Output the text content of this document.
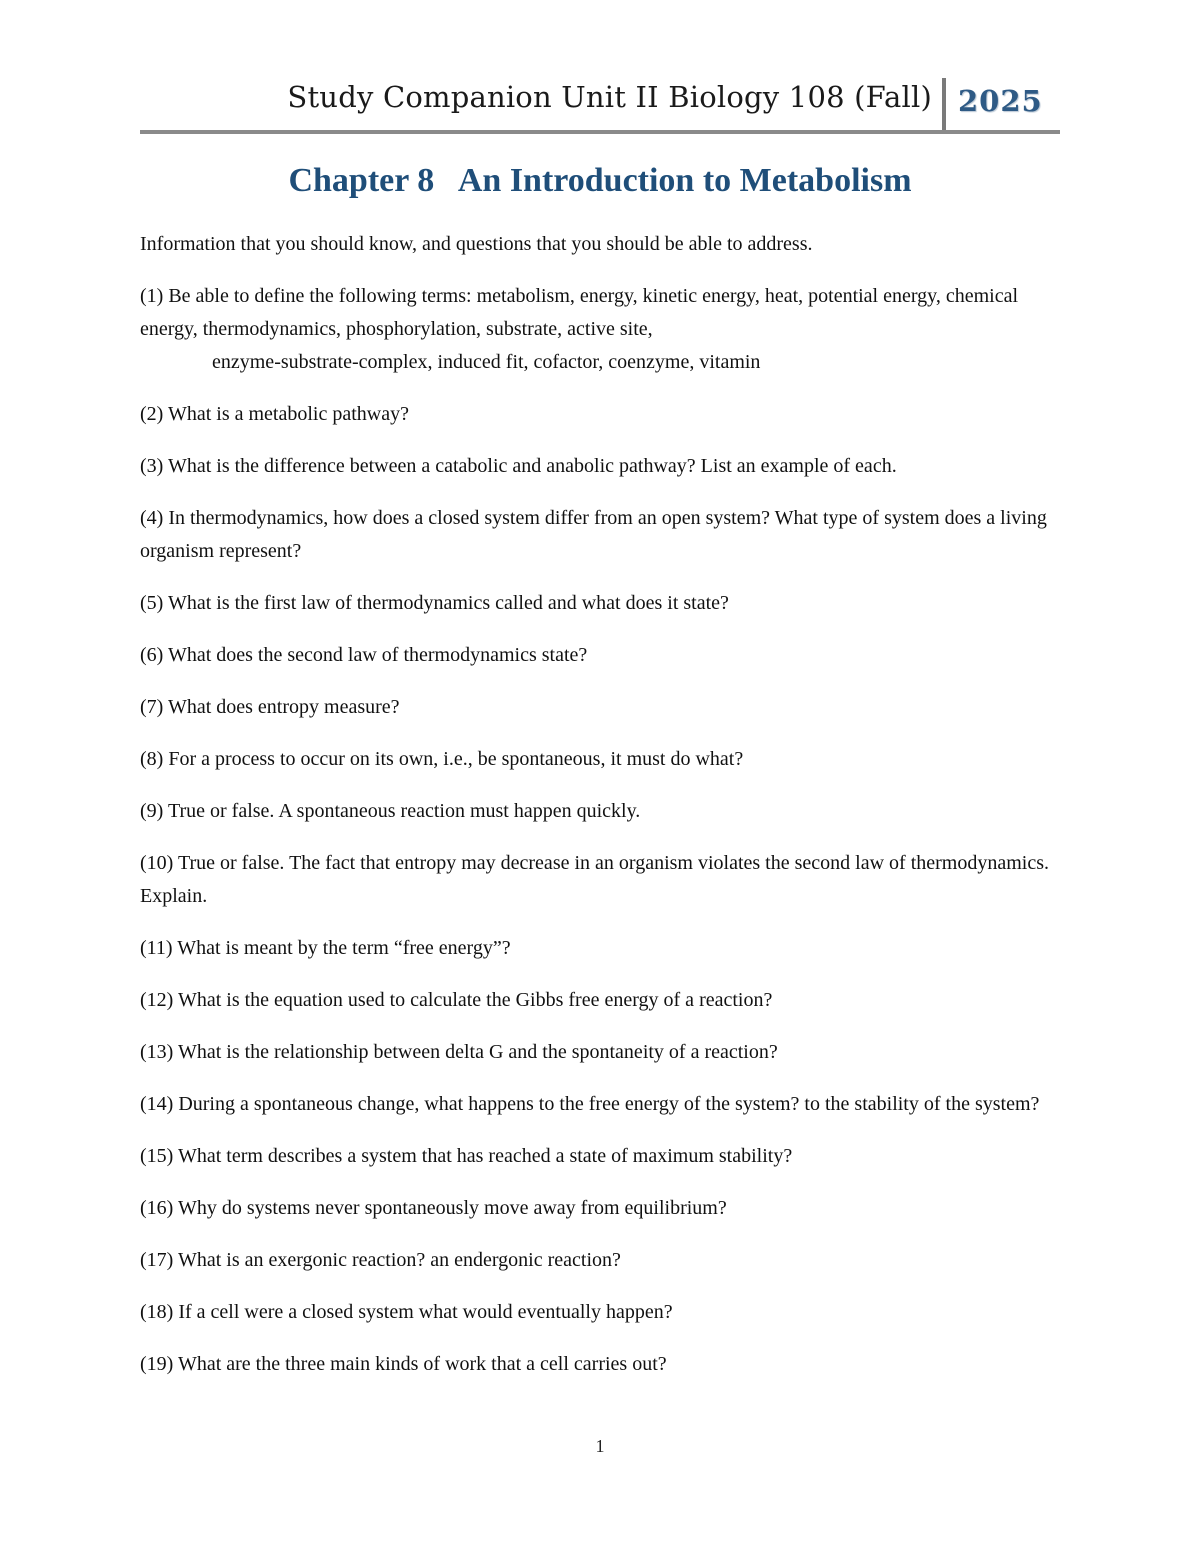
Study Companion Unit II Biology 108 (Fall) 2025
Chapter 8   An Introduction to Metabolism

Information that you should know, and questions that you should be able to address.

(1) Be able to define the following terms: metabolism, energy, kinetic energy, heat, potential energy, chemical energy, thermodynamics, phosphorylation, substrate, active site,
enzyme-substrate-complex, induced fit, cofactor, coenzyme, vitamin

(2) What is a metabolic pathway?

(3) What is the difference between a catabolic and anabolic pathway? List an example of each.

(4) In thermodynamics, how does a closed system differ from an open system? What type of system does a living organism represent?

(5) What is the first law of thermodynamics called and what does it state?

(6) What does the second law of thermodynamics state?

(7) What does entropy measure?

(8) For a process to occur on its own, i.e., be spontaneous, it must do what?

(9) True or false. A spontaneous reaction must happen quickly.

(10) True or false. The fact that entropy may decrease in an organism violates the second law of thermodynamics. Explain.

(11) What is meant by the term “free energy”?

(12) What is the equation used to calculate the Gibbs free energy of a reaction?

(13) What is the relationship between delta G and the spontaneity of a reaction?

(14) During a spontaneous change, what happens to the free energy of the system? to the stability of the system?

(15) What term describes a system that has reached a state of maximum stability?

(16) Why do systems never spontaneously move away from equilibrium?

(17) What is an exergonic reaction? an endergonic reaction?

(18) If a cell were a closed system what would eventually happen?

(19) What are the three main kinds of work that a cell carries out?

1
